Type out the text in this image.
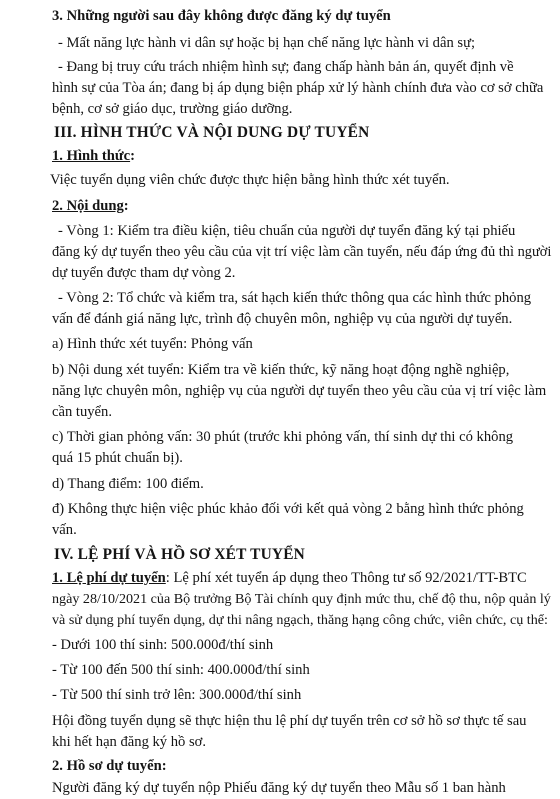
3. Những người sau đây không được đăng ký dự tuyển
- Mất năng lực hành vi dân sự hoặc bị hạn chế năng lực hành vi dân sự;
- Đang bị truy cứu trách nhiệm hình sự; đang chấp hành bản án, quyết định về
hình sự của Tòa án; đang bị áp dụng biện pháp xử lý hành chính đưa vào cơ sở chữa
bệnh, cơ sở giáo dục, trường giáo dưỡng.
III. HÌNH THỨC VÀ NỘI DUNG DỰ TUYỂN
1. Hình thức:
Việc tuyển dụng viên chức được thực hiện bằng hình thức xét tuyển.
2. Nội dung:
- Vòng 1: Kiểm tra điều kiện, tiêu chuẩn của người dự tuyển đăng ký tại phiếu
đăng ký dự tuyển theo yêu cầu của vịt trí việc làm cần tuyển, nếu đáp ứng đủ thì người
dự tuyển được tham dự vòng 2.
- Vòng 2: Tổ chức và kiểm tra, sát hạch kiến thức thông qua các hình thức phỏng
vấn để đánh giá năng lực, trình độ chuyên môn, nghiệp vụ của người dự tuyển.
a) Hình thức xét tuyển: Phỏng vấn
b) Nội dung xét tuyển: Kiểm tra về kiến thức, kỹ năng hoạt động nghề nghiệp,
năng lực chuyên môn, nghiệp vụ của người dự tuyển theo yêu cầu của vị trí việc làm
cần tuyển.
c) Thời gian phỏng vấn: 30 phút (trước khi phỏng vấn, thí sinh dự thi có không
quá 15 phút chuẩn bị).
d) Thang điểm: 100 điểm.
đ) Không thực hiện việc phúc khảo đối với kết quả vòng 2 bằng hình thức phỏng
vấn.
IV. LỆ PHÍ VÀ HỒ SƠ XÉT TUYỂN
1. Lệ phí dự tuyển: Lệ phí xét tuyển áp dụng theo Thông tư số 92/2021/TT-BTC
ngày 28/10/2021 của Bộ trưởng Bộ Tài chính quy định mức thu, chế độ thu, nộp quản lý
và sử dụng phí tuyển dụng, dự thi nâng ngạch, thăng hạng công chức, viên chức, cụ thể:
- Dưới 100 thí sinh: 500.000đ/thí sinh
- Từ 100 đến 500 thí sinh: 400.000đ/thí sinh
- Từ 500 thí sinh trở lên: 300.000đ/thí sinh
Hội đồng tuyển dụng sẽ thực hiện thu lệ phí dự tuyển trên cơ sở hồ sơ thực tế sau
khi hết hạn đăng ký hồ sơ.
2. Hồ sơ dự tuyển:
Người đăng ký dự tuyển nộp Phiếu đăng ký dự tuyển theo Mẫu số 1 ban hành
